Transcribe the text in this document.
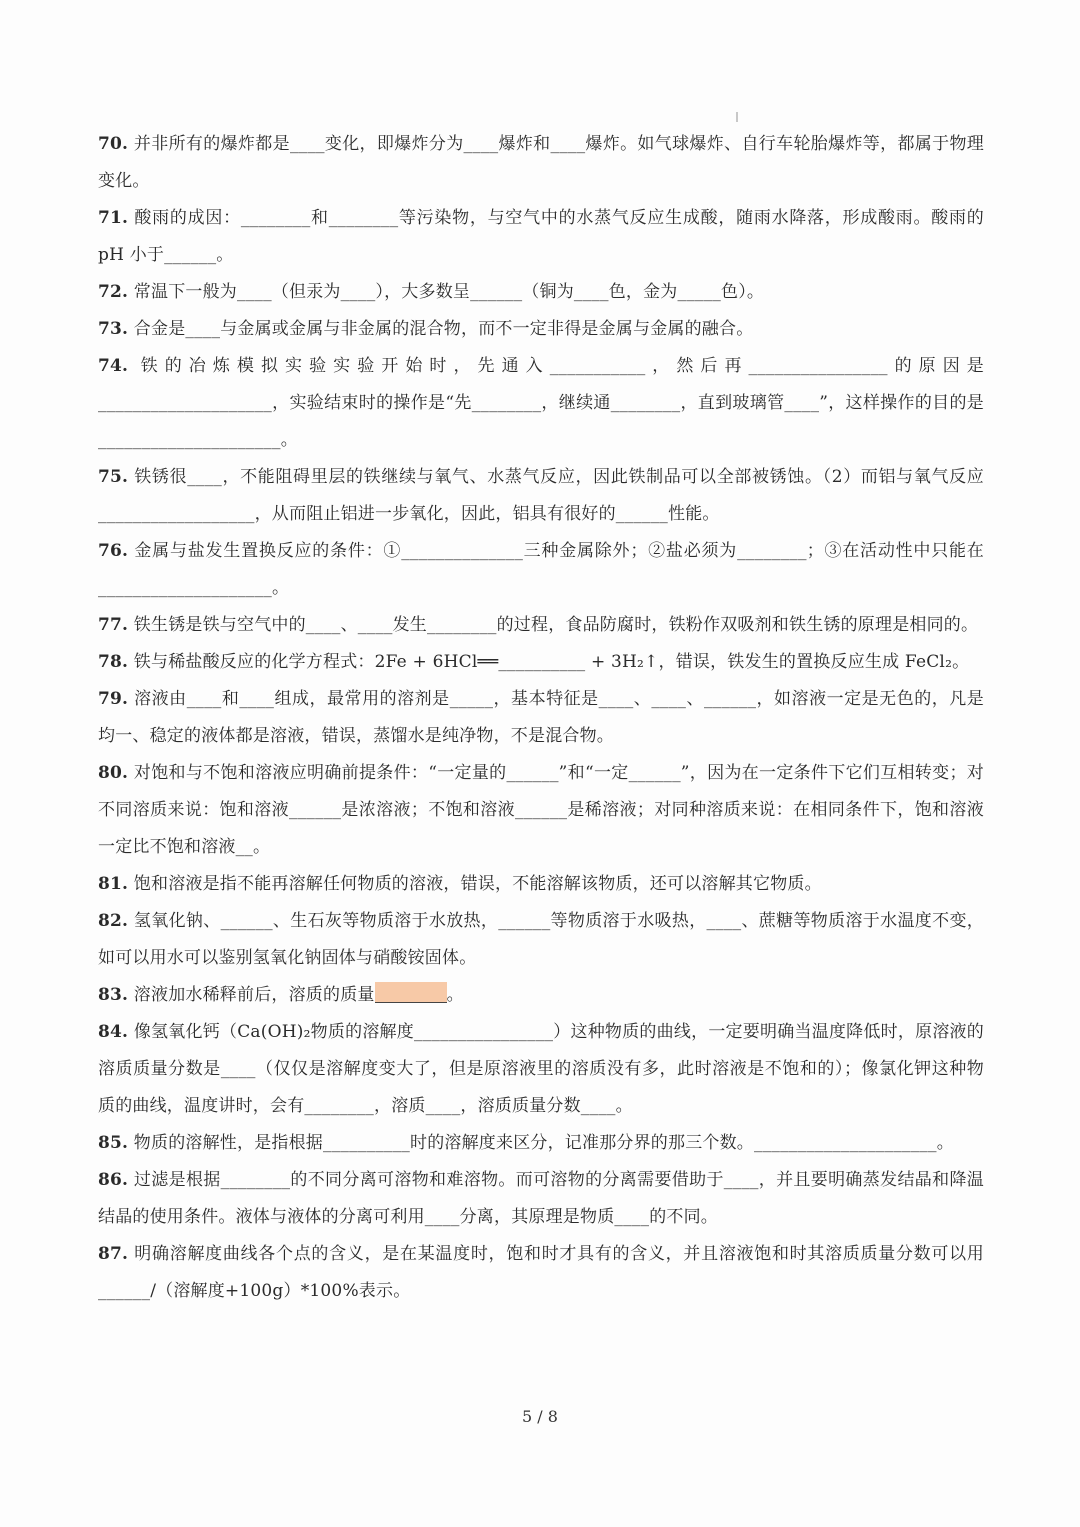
70. 并非所有的爆炸都是____变化，即爆炸分为____爆炸和____爆炸。如气球爆炸、自行车轮胎爆炸等，都属于物理变化。

71. 酸雨的成因：________和________等污染物，与空气中的水蒸气反应生成酸，随雨水降落，形成酸雨。酸雨的 pH 小于______。

72. 常温下一般为____（但汞为____），大多数呈______（铜为____色，金为_____色）。

73. 合金是____与金属或金属与非金属的混合物，而不一定非得是金属与金属的融合。

74. 铁的冶炼模拟实验实验开始时，先通入___________，然后再________________的原因是____________________，实验结束时的操作是“先________，继续通________，直到玻璃管____”，这样操作的目的是_____________________。

75. 铁锈很____，不能阻碍里层的铁继续与氧气、水蒸气反应，因此铁制品可以全部被锈蚀。（2）而铝与氧气反应__________________，从而阻止铝进一步氧化，因此，铝具有很好的______性能。

76. 金属与盐发生置换反应的条件：①______________三种金属除外；②盐必须为________；③在活动性中只能在____________________。

77. 铁生锈是铁与空气中的____、____发生________的过程，食品防腐时，铁粉作双吸剂和铁生锈的原理是相同的。

78. 铁与稀盐酸反应的化学方程式：2Fe + 6HCl══__________ + 3H₂↑，错误，铁发生的置换反应生成 FeCl₂。

79. 溶液由____和____组成，最常用的溶剂是_____，基本特征是____、____、______，如溶液一定是无色的，凡是均一、稳定的液体都是溶液，错误，蒸馏水是纯净物，不是混合物。

80. 对饱和与不饱和溶液应明确前提条件：“一定量的______”和“一定______”，因为在一定条件下它们互相转变；对不同溶质来说：饱和溶液______是浓溶液；不饱和溶液______是稀溶液；对同种溶质来说：在相同条件下，饱和溶液一定比不饱和溶液__。

81. 饱和溶液是指不能再溶解任何物质的溶液，错误，不能溶解该物质，还可以溶解其它物质。

82. 氢氧化钠、______、生石灰等物质溶于水放热，______等物质溶于水吸热，____、蔗糖等物质溶于水温度不变，如可以用水可以鉴别氢氧化钠固体与硝酸铵固体。

83. 溶液加水稀释前后，溶质的质量	。

84. 像氢氧化钙（Ca(OH)₂物质的溶解度________________）这种物质的曲线，一定要明确当温度降低时，原溶液的溶质质量分数是____（仅仅是溶解度变大了，但是原溶液里的溶质没有多，此时溶液是不饱和的）；像氯化钾这种物质的曲线，温度讲时，会有________，溶质____，溶质质量分数____。

85. 物质的溶解性，是指根据__________时的溶解度来区分，记准那分界的那三个数。_____________________。

86. 过滤是根据________的不同分离可溶物和难溶物。而可溶物的分离需要借助于____，并且要明确蒸发结晶和降温结晶的使用条件。液体与液体的分离可利用____分离，其原理是物质____的不同。

87. 明确溶解度曲线各个点的含义，是在某温度时，饱和时才具有的含义，并且溶液饱和时其溶质质量分数可以用______/（溶解度+100g）*100%表示。

5 / 8
